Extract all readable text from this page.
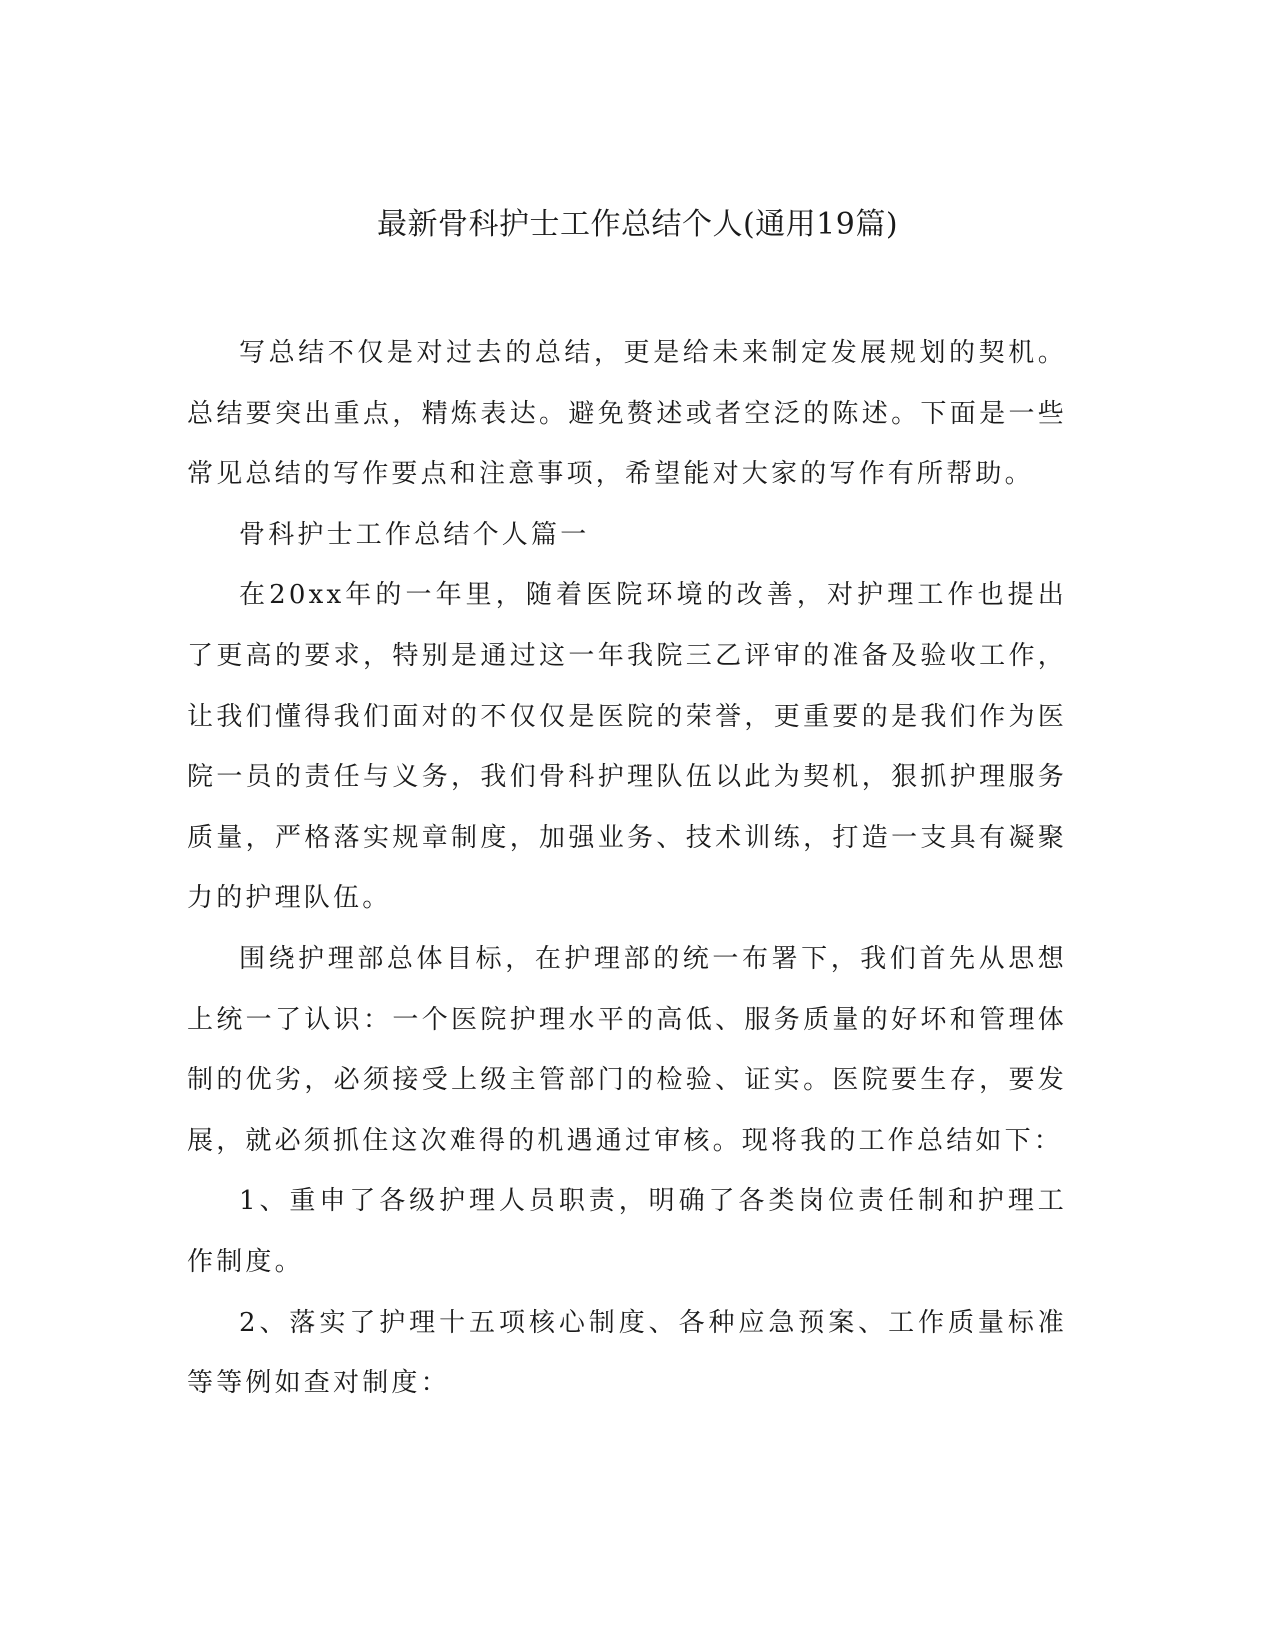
最新骨科护士工作总结个人(通用19篇)

写总结不仅是对过去的总结，更是给未来制定发展规划的契机。总结要突出重点，精炼表达。避免赘述或者空泛的陈述。下面是一些常见总结的写作要点和注意事项，希望能对大家的写作有所帮助。

骨科护士工作总结个人篇一

在20xx年的一年里，随着医院环境的改善，对护理工作也提出了更高的要求，特别是通过这一年我院三乙评审的准备及验收工作，让我们懂得我们面对的不仅仅是医院的荣誉，更重要的是我们作为医院一员的责任与义务，我们骨科护理队伍以此为契机，狠抓护理服务质量，严格落实规章制度，加强业务、技术训练，打造一支具有凝聚力的护理队伍。

围绕护理部总体目标，在护理部的统一布署下，我们首先从思想上统一了认识：一个医院护理水平的高低、服务质量的好坏和管理体制的优劣，必须接受上级主管部门的检验、证实。医院要生存，要发展，就必须抓住这次难得的机遇通过审核。现将我的工作总结如下：

1、重申了各级护理人员职责，明确了各类岗位责任制和护理工作制度。

2、落实了护理十五项核心制度、各种应急预案、工作质量标准等等例如查对制度：
